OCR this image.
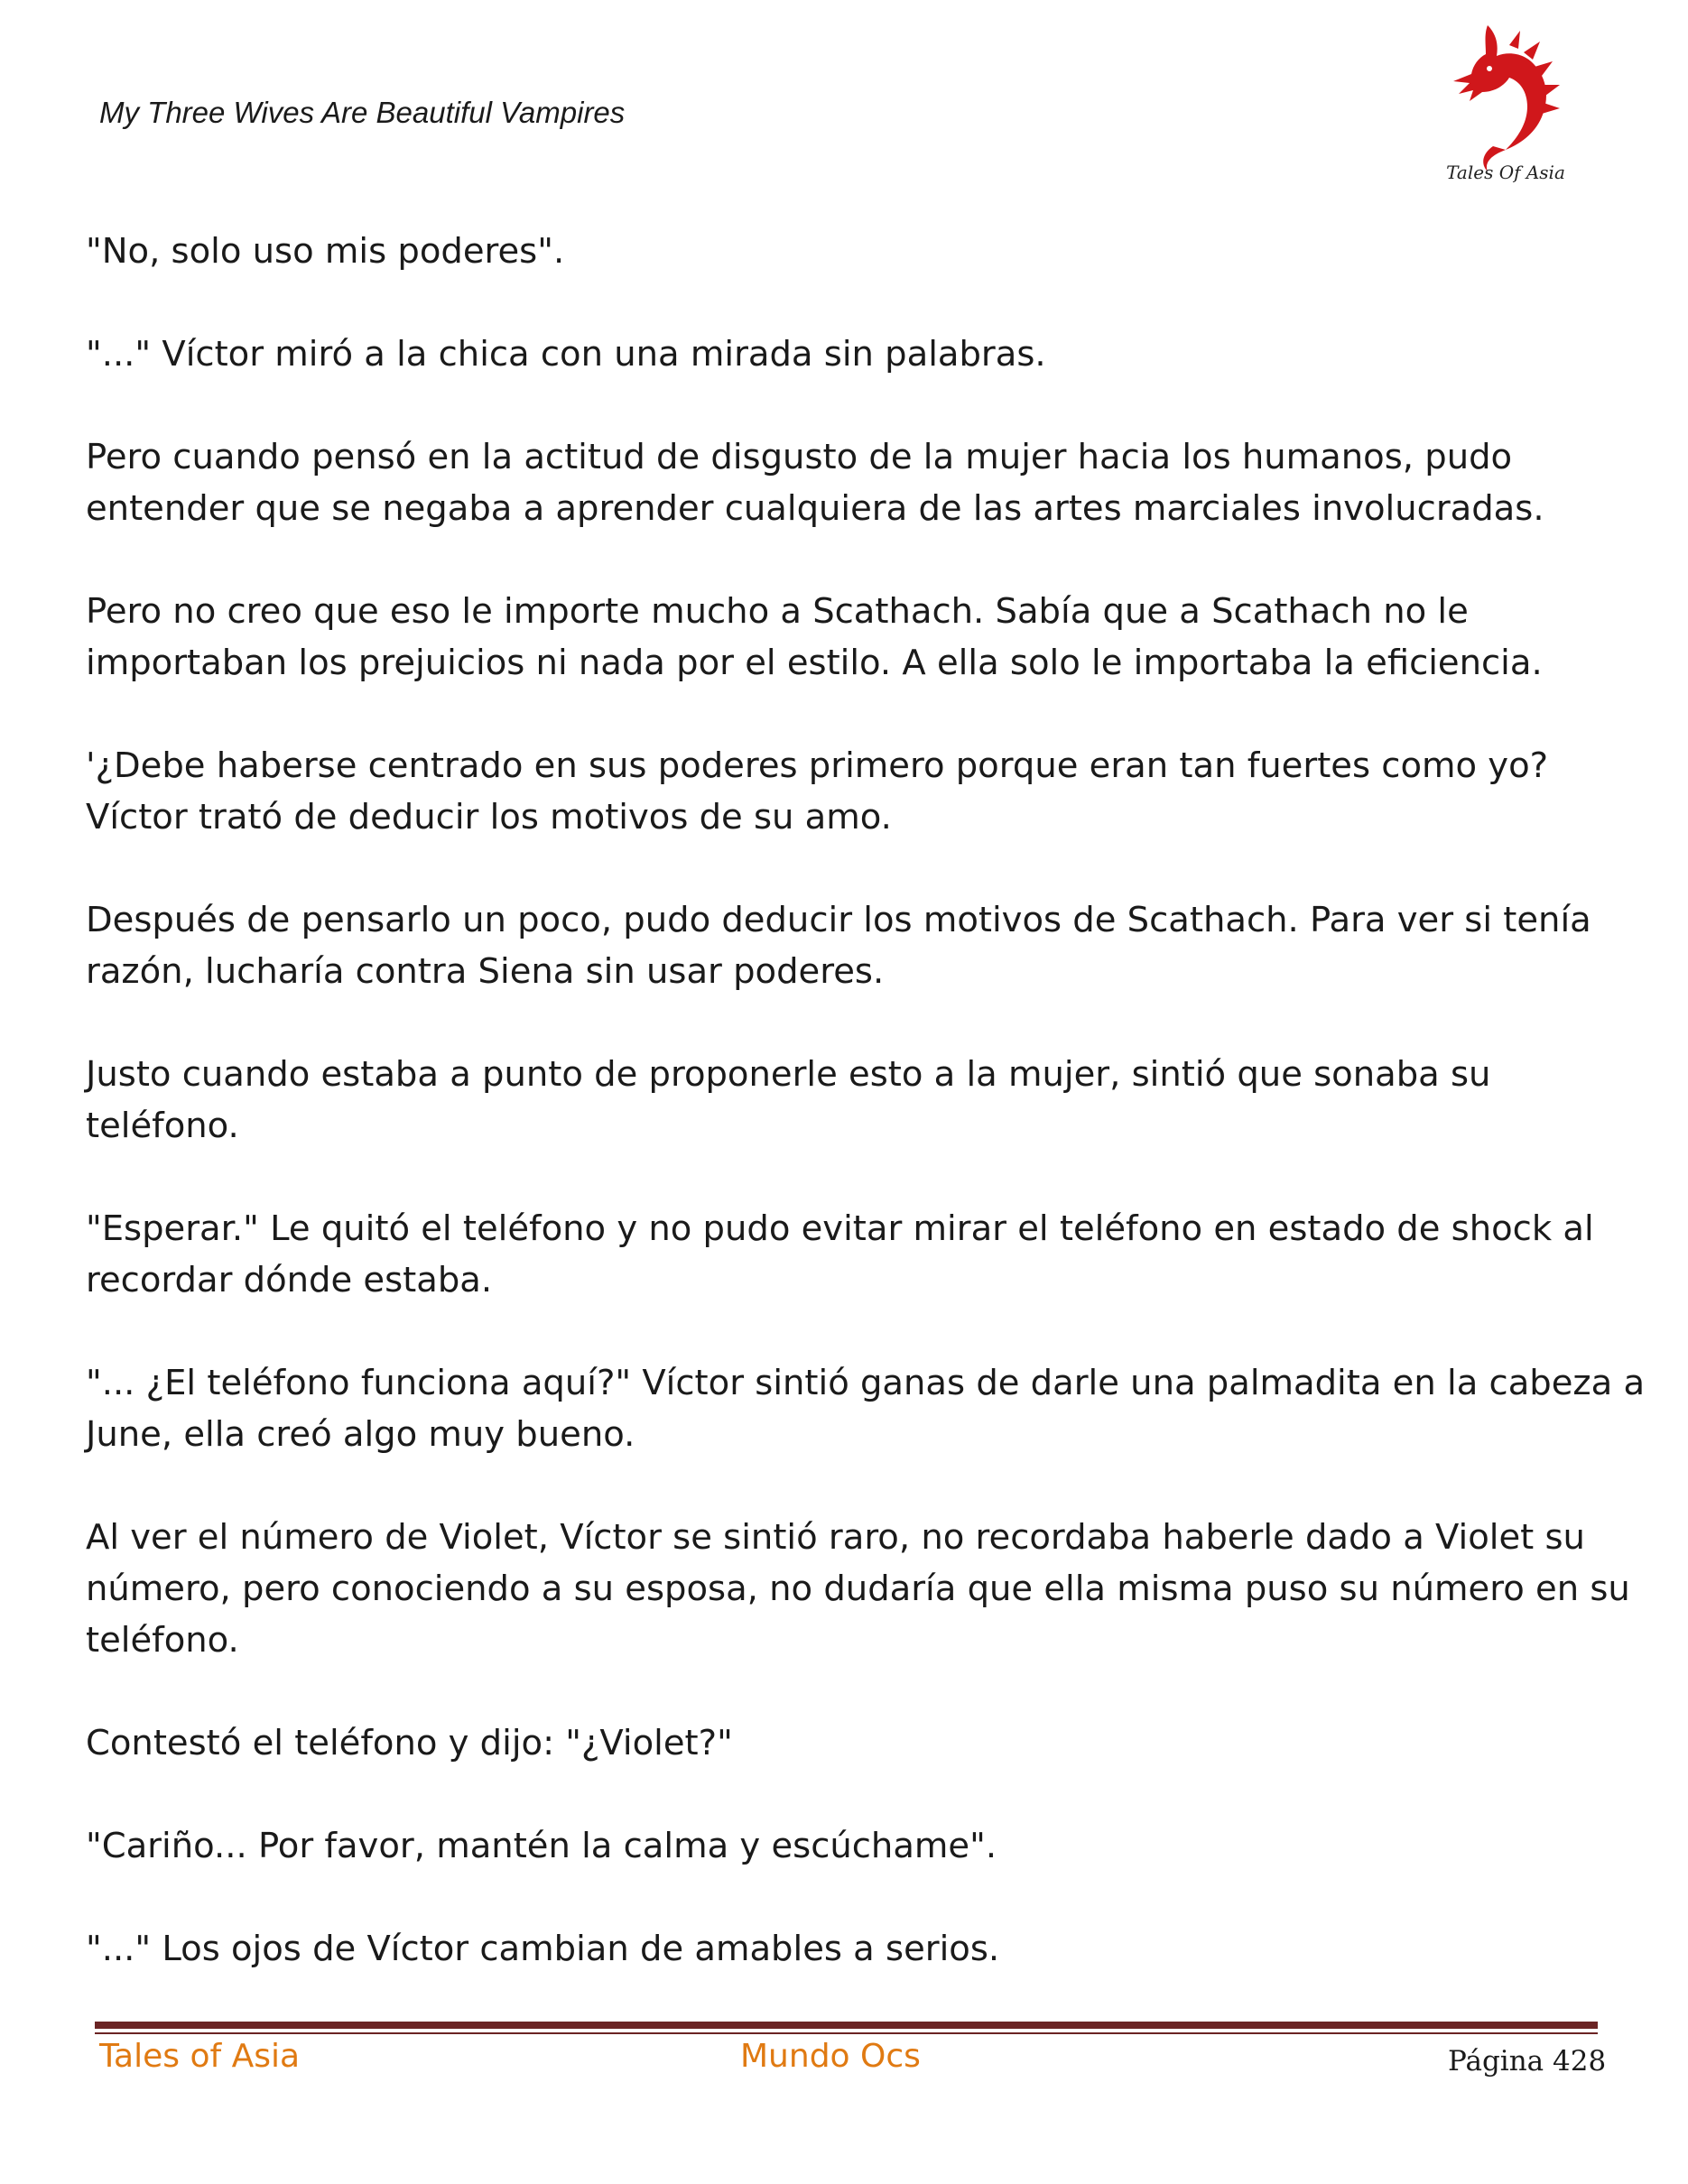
My Three Wives Are Beautiful Vampires
Tales Of Asia

"No, solo uso mis poderes".

"..." Víctor miró a la chica con una mirada sin palabras.

Pero cuando pensó en la actitud de disgusto de la mujer hacia los humanos, pudo
entender que se negaba a aprender cualquiera de las artes marciales involucradas.

Pero no creo que eso le importe mucho a Scathach. Sabía que a Scathach no le
importaban los prejuicios ni nada por el estilo. A ella solo le importaba la eficiencia.

'¿Debe haberse centrado en sus poderes primero porque eran tan fuertes como yo?
Víctor trató de deducir los motivos de su amo.

Después de pensarlo un poco, pudo deducir los motivos de Scathach. Para ver si tenía
razón, lucharía contra Siena sin usar poderes.

Justo cuando estaba a punto de proponerle esto a la mujer, sintió que sonaba su
teléfono.

"Esperar." Le quitó el teléfono y no pudo evitar mirar el teléfono en estado de shock al
recordar dónde estaba.

"... ¿El teléfono funciona aquí?" Víctor sintió ganas de darle una palmadita en la cabeza a
June, ella creó algo muy bueno.

Al ver el número de Violet, Víctor se sintió raro, no recordaba haberle dado a Violet su
número, pero conociendo a su esposa, no dudaría que ella misma puso su número en su
teléfono.

Contestó el teléfono y dijo: "¿Violet?"

"Cariño... Por favor, mantén la calma y escúchame".

"..." Los ojos de Víctor cambian de amables a serios.

Tales of Asia	Mundo Ocs	Página 428
